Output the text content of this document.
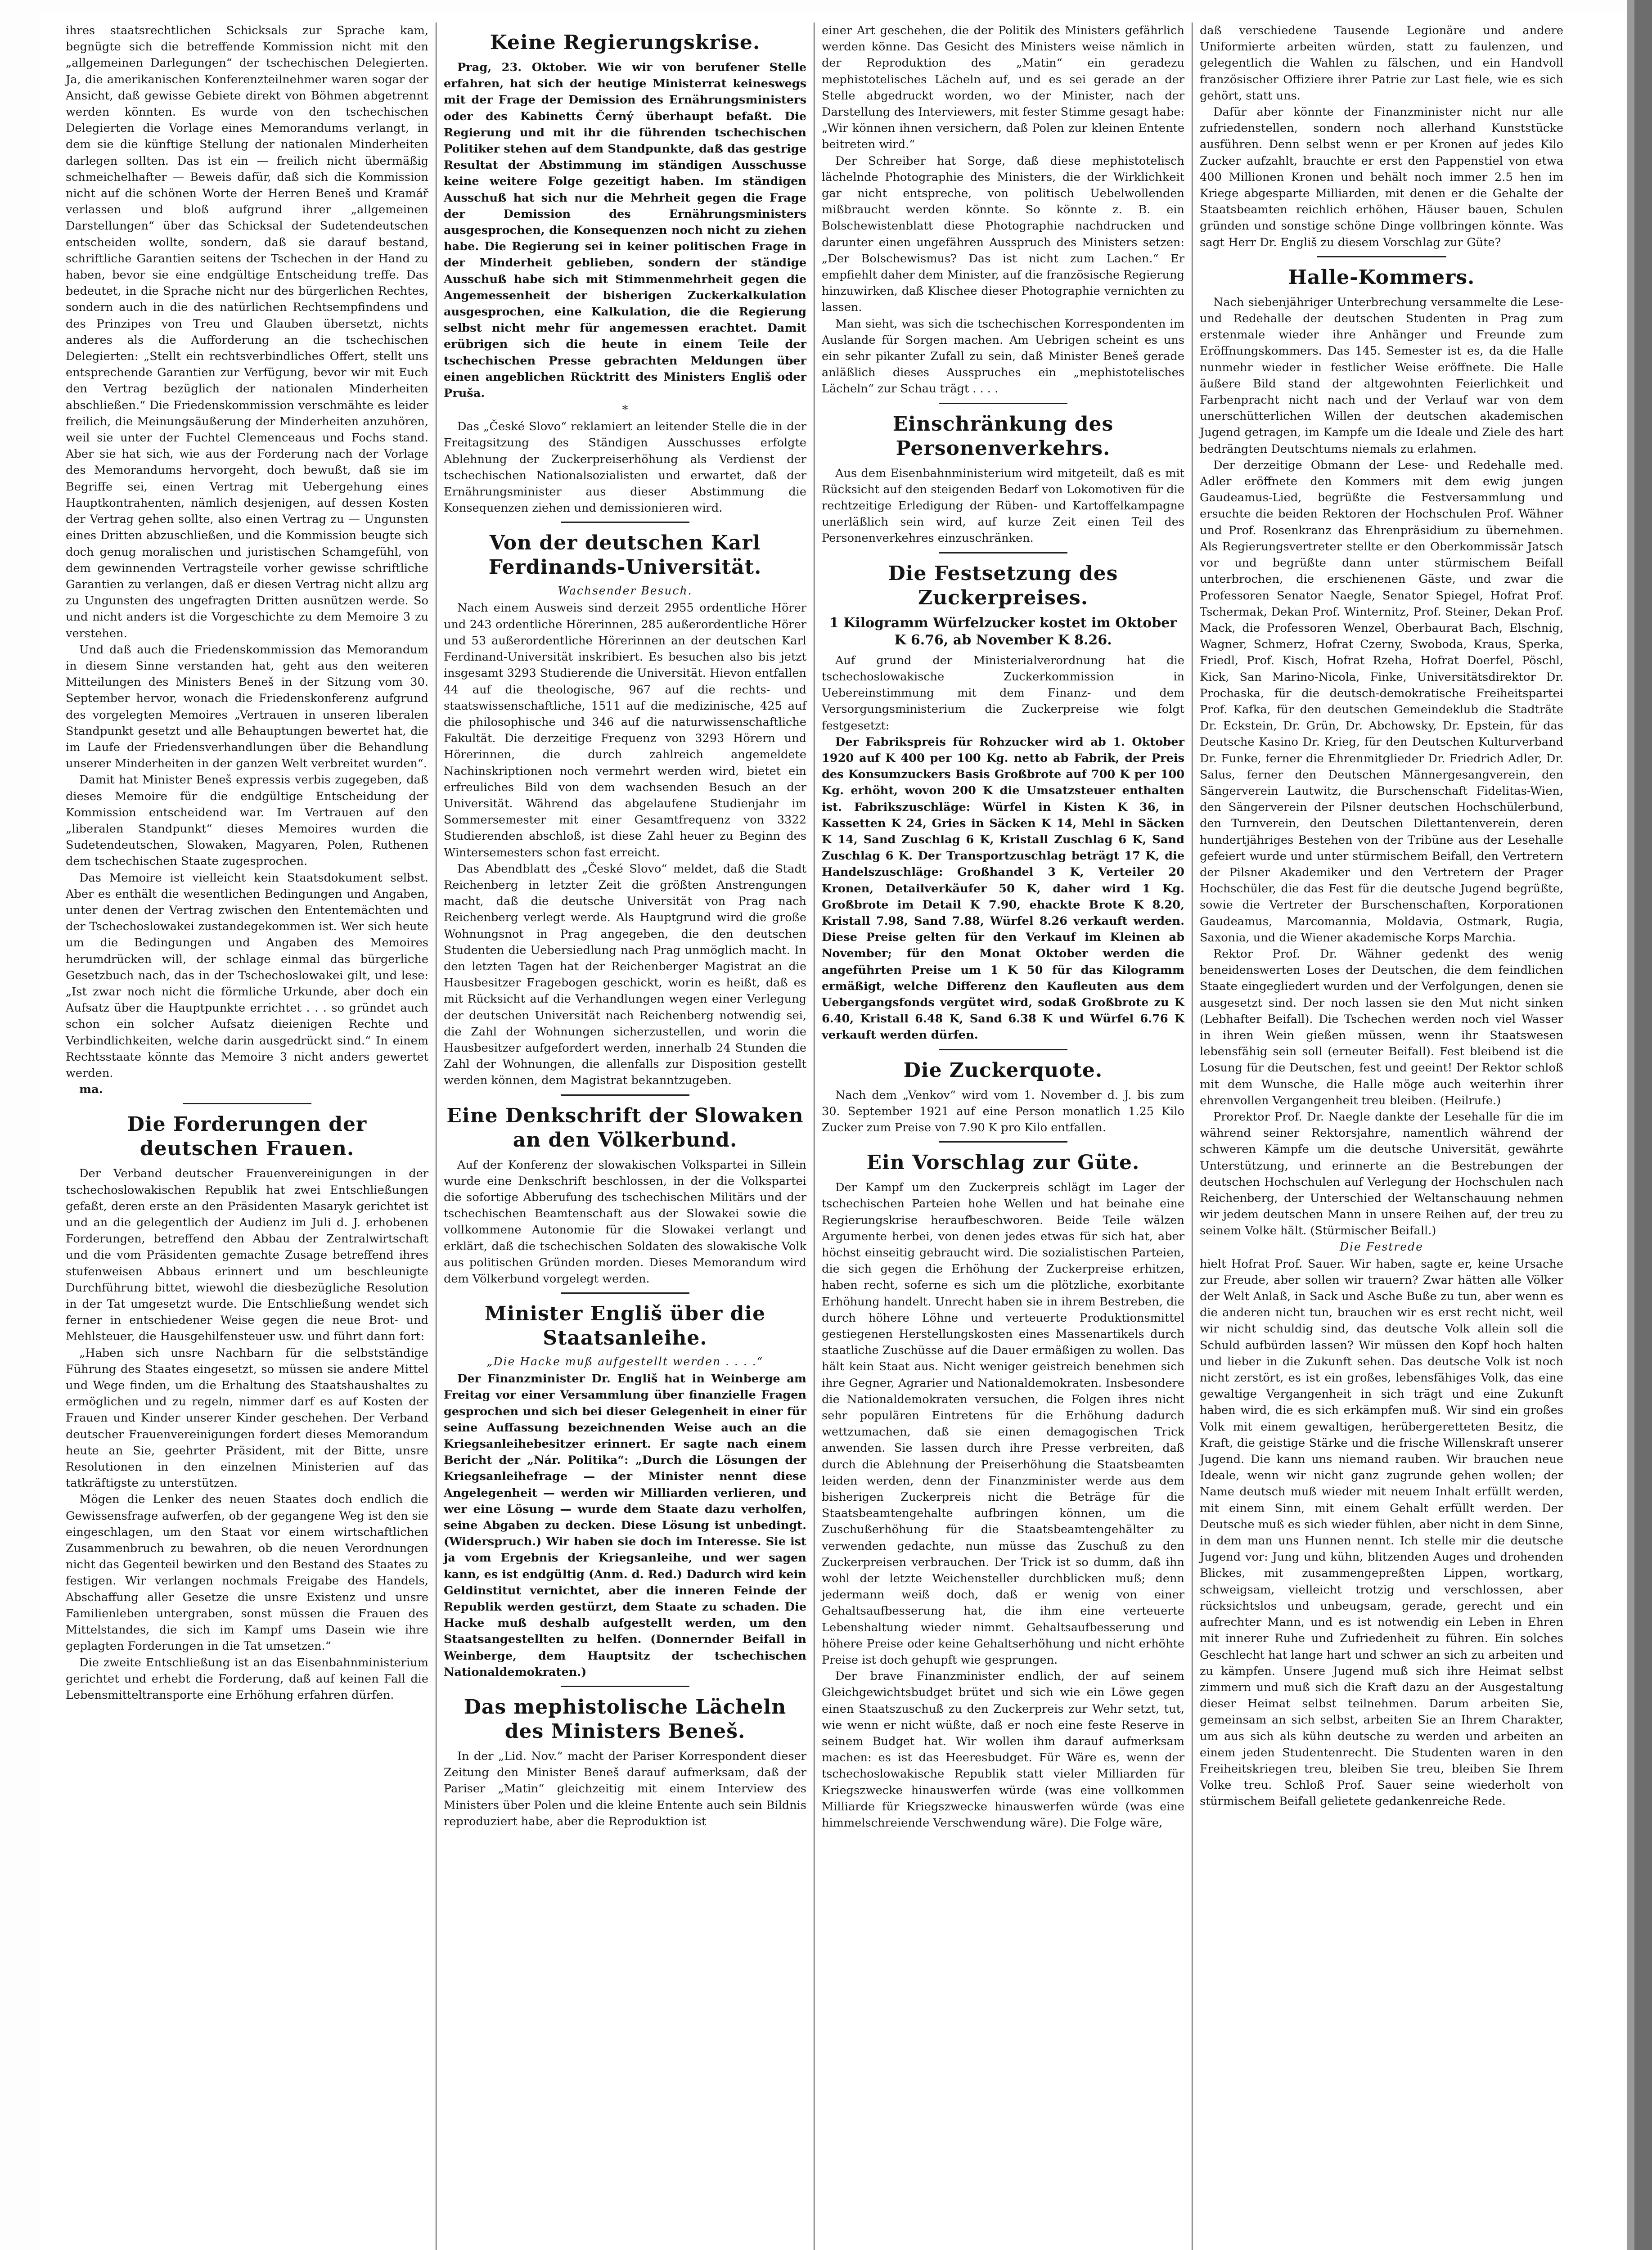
ihres staatsrechtlichen Schicksals zur Sprache kam, begnügte sich die betreffende Kommission nicht mit den „allgemeinen Darlegungen“ der tschechischen Delegierten. Ja, die amerikanischen Konferenzteilnehmer waren sogar der Ansicht, daß gewisse Gebiete direkt von Böhmen abgetrennt werden könnten. Es wurde von den tschechischen Delegierten die Vorlage eines Memorandums verlangt, in dem sie die künftige Stellung der nationalen Minderheiten darlegen sollten. Das ist ein — freilich nicht übermäßig schmeichelhafter — Beweis dafür, daß sich die Kommission nicht auf die schönen Worte der Herren Beneš und Kramář verlassen und bloß aufgrund ihrer „allgemeinen Darstellungen“ über das Schicksal der Sudetendeutschen entscheiden wollte, sondern, daß sie darauf bestand, schriftliche Garantien seitens der Tschechen in der Hand zu haben, bevor sie eine endgültige Entscheidung treffe. Das bedeutet, in die Sprache nicht nur des bürgerlichen Rechtes, sondern auch in die des natürlichen Rechtsempfindens und des Prinzipes von Treu und Glauben übersetzt, nichts anderes als die Aufforderung an die tschechischen Delegierten: „Stellt ein rechtsverbindliches Offert, stellt uns entsprechende Garantien zur Verfügung, bevor wir mit Euch den Vertrag bezüglich der nationalen Minderheiten abschließen.“ Die Friedenskommission verschmähte es leider freilich, die Meinungsäußerung der Minderheiten anzuhören, weil sie unter der Fuchtel Clemenceaus und Fochs stand. Aber sie hat sich, wie aus der Forderung nach der Vorlage des Memorandums hervorgeht, doch bewußt, daß sie im Begriffe sei, einen Vertrag mit Uebergehung eines Hauptkontrahenten, nämlich desjenigen, auf dessen Kosten der Vertrag gehen sollte, also einen Vertrag zu — Ungunsten eines Dritten abzuschließen, und die Kommission beugte sich doch genug moralischen und juristischen Schamgefühl, von dem gewinnenden Vertragsteile vorher gewisse schriftliche Garantien zu verlangen, daß er diesen Vertrag nicht allzu arg zu Ungunsten des ungefragten Dritten ausnützen werde. So und nicht anders ist die Vorgeschichte zu dem Memoire 3 zu verstehen.

Und daß auch die Friedenskommission das Memorandum in diesem Sinne verstanden hat, geht aus den weiteren Mitteilungen des Ministers Beneš in der Sitzung vom 30. September hervor, wonach die Friedenskonferenz aufgrund des vorgelegten Memoires „Vertrauen in unseren liberalen Standpunkt gesetzt und alle Behauptungen bewertet hat, die im Laufe der Friedensverhandlungen über die Behandlung unserer Minderheiten in der ganzen Welt verbreitet wurden“.

Damit hat Minister Beneš expressis verbis zugegeben, daß dieses Memoire für die endgültige Entscheidung der Kommission entscheidend war. Im Vertrauen auf den „liberalen Standpunkt“ dieses Memoires wurden die Sudetendeutschen, Slowaken, Magyaren, Polen, Ruthenen dem tschechischen Staate zugesprochen.

Das Memoire ist vielleicht kein Staatsdokument selbst. Aber es enthält die wesentlichen Bedingungen und Angaben, unter denen der Vertrag zwischen den Ententemächten und der Tschechoslowakei zustandegekommen ist. Wer sich heute um die Bedingungen und Angaben des Memoires herumdrücken will, der schlage einmal das bürgerliche Gesetzbuch nach, das in der Tschechoslowakei gilt, und lese: „Ist zwar noch nicht die förmliche Urkunde, aber doch ein Aufsatz über die Hauptpunkte errichtet . . . so gründet auch schon ein solcher Aufsatz dieienigen Rechte und Verbindlichkeiten, welche darin ausgedrückt sind.“ In einem Rechtsstaate könnte das Memoire 3 nicht anders gewertet werden.

ma.

Die Forderungen der deutschen Frauen.

Der Verband deutscher Frauenvereinigungen in der tschechoslowakischen Republik hat zwei Entschließungen gefaßt, deren erste an den Präsidenten Masaryk gerichtet ist und an die gelegentlich der Audienz im Juli d. J. erhobenen Forderungen, betreffend den Abbau der Zentralwirtschaft und die vom Präsidenten gemachte Zusage betreffend ihres stufenweisen Abbaus erinnert und um beschleunigte Durchführung bittet, wiewohl die diesbezügliche Resolution in der Tat umgesetzt wurde. Die Entschließung wendet sich ferner in entschiedener Weise gegen die neue Brot- und Mehlsteuer, die Hausgehilfensteuer usw. und führt dann fort:

„Haben sich unsre Nachbarn für die selbstständige Führung des Staates eingesetzt, so müssen sie andere Mittel und Wege finden, um die Erhaltung des Staatshaushaltes zu ermöglichen und zu regeln, nimmer darf es auf Kosten der Frauen und Kinder unserer Kinder geschehen. Der Verband deutscher Frauenvereinigungen fordert dieses Memorandum heute an Sie, geehrter Präsident, mit der Bitte, unsre Resolutionen in den einzelnen Ministerien auf das tatkräftigste zu unterstützen.

Mögen die Lenker des neuen Staates doch endlich die Gewissensfrage aufwerfen, ob der gegangene Weg ist den sie eingeschlagen, um den Staat vor einem wirtschaftlichen Zusammenbruch zu bewahren, ob die neuen Verordnungen nicht das Gegenteil bewirken und den Bestand des Staates zu festigen. Wir verlangen nochmals Freigabe des Handels, Abschaffung aller Gesetze die unsre Existenz und unsre Familienleben untergraben, sonst müssen die Frauen des Mittelstandes, die sich im Kampf ums Dasein wie ihre geplagten Forderungen in die Tat umsetzen.“

Die zweite Entschließung ist an das Eisenbahnministerium gerichtet und erhebt die Forderung, daß auf keinen Fall die Lebensmitteltransporte eine Erhöhung erfahren dürfen.

Keine Regierungskrise.

Prag, 23. Oktober. Wie wir von berufener Stelle erfahren, hat sich der heutige Ministerrat keineswegs mit der Frage der Demission des Ernährungsministers oder des Kabinetts Černý überhaupt befaßt. Die Regierung und mit ihr die führenden tschechischen Politiker stehen auf dem Standpunkte, daß das gestrige Resultat der Abstimmung im ständigen Ausschusse keine weitere Folge gezeitigt haben. Im ständigen Ausschuß hat sich nur die Mehrheit gegen die Frage der Demission des Ernährungsministers ausgesprochen, die Konsequenzen noch nicht zu ziehen habe. Die Regierung sei in keiner politischen Frage in der Minderheit geblieben, sondern der ständige Ausschuß habe sich mit Stimmenmehrheit gegen die Angemessenheit der bisherigen Zuckerkalkulation ausgesprochen, eine Kalkulation, die die Regierung selbst nicht mehr für angemessen erachtet. Damit erübrigen sich die heute in einem Teile der tschechischen Presse gebrachten Meldungen über einen angeblichen Rücktritt des Ministers Engliš oder Pruša.

*

Das „České Slovo“ reklamiert an leitender Stelle die in der Freitagsitzung des Ständigen Ausschusses erfolgte Ablehnung der Zuckerpreiserhöhung als Verdienst der tschechischen Nationalsozialisten und erwartet, daß der Ernährungsminister aus dieser Abstimmung die Konsequenzen ziehen und demissionieren wird.

Von der deutschen Karl Ferdinands-Universität.
Wachsender Besuch.

Nach einem Ausweis sind derzeit 2955 ordentliche Hörer und 243 ordentliche Hörerinnen, 285 außerordentliche Hörer und 53 außerordentliche Hörerinnen an der deutschen Karl Ferdinand-Universität inskribiert. Es besuchen also bis jetzt insgesamt 3293 Studierende die Universität. Hievon entfallen 44 auf die theologische, 967 auf die rechts- und staatswissenschaftliche, 1511 auf die medizinische, 425 auf die philosophische und 346 auf die naturwissenschaftliche Fakultät. Die derzeitige Frequenz von 3293 Hörern und Hörerinnen, die durch zahlreich angemeldete Nachinskriptionen noch vermehrt werden wird, bietet ein erfreuliches Bild von dem wachsenden Besuch an der Universität. Während das abgelaufene Studienjahr im Sommersemester mit einer Gesamtfrequenz von 3322 Studierenden abschloß, ist diese Zahl heuer zu Beginn des Wintersemesters schon fast erreicht.

Das Abendblatt des „České Slovo“ meldet, daß die Stadt Reichenberg in letzter Zeit die größten Anstrengungen macht, daß die deutsche Universität von Prag nach Reichenberg verlegt werde. Als Hauptgrund wird die große Wohnungsnot in Prag angegeben, die den deutschen Studenten die Uebersiedlung nach Prag unmöglich macht. In den letzten Tagen hat der Reichenberger Magistrat an die Hausbesitzer Fragebogen geschickt, worin es heißt, daß es mit Rücksicht auf die Verhandlungen wegen einer Verlegung der deutschen Universität nach Reichenberg notwendig sei, die Zahl der Wohnungen sicherzustellen, und worin die Hausbesitzer aufgefordert werden, innerhalb 24 Stunden die Zahl der Wohnungen, die allenfalls zur Disposition gestellt werden können, dem Magistrat bekanntzugeben.

Eine Denkschrift der Slowaken an den Völkerbund.

Auf der Konferenz der slowakischen Volkspartei in Sillein wurde eine Denkschrift beschlossen, in der die Volkspartei die sofortige Abberufung des tschechischen Militärs und der tschechischen Beamtenschaft aus der Slowakei sowie die vollkommene Autonomie für die Slowakei verlangt und erklärt, daß die tschechischen Soldaten des slowakische Volk aus politischen Gründen morden. Dieses Memorandum wird dem Völkerbund vorgelegt werden.

Minister Engliš über die Staatsanleihe.
„Die Hacke muß aufgestellt werden . . . .“

Der Finanzminister Dr. Engliš hat in Weinberge am Freitag vor einer Versammlung über finanzielle Fragen gesprochen und sich bei dieser Gelegenheit in einer für seine Auffassung bezeichnenden Weise auch an die Kriegsanleihebesitzer erinnert. Er sagte nach einem Bericht der „Nár. Politika“: „Durch die Lösungen der Kriegsanleihefrage — der Minister nennt diese Angelegenheit — werden wir Milliarden verlieren, und wer eine Lösung — wurde dem Staate dazu verholfen, seine Abgaben zu decken. Diese Lösung ist unbedingt. (Widerspruch.) Wir haben sie doch im Interesse. Sie ist ja vom Ergebnis der Kriegsanleihe, und wer sagen kann, es ist endgültig (Anm. d. Red.) Dadurch wird kein Geldinstitut vernichtet, aber die inneren Feinde der Republik werden gestürzt, dem Staate zu schaden. Die Hacke muß deshalb aufgestellt werden, um den Staatsangestellten zu helfen. (Donnernder Beifall in Weinberge, dem Hauptsitz der tschechischen Nationaldemokraten.)

Das mephistolische Lächeln des Ministers Beneš.

In der „Lid. Nov.“ macht der Pariser Korrespondent dieser Zeitung den Minister Beneš darauf aufmerksam, daß der Pariser „Matin“ gleichzeitig mit einem Interview des Ministers über Polen und die kleine Entente auch sein Bildnis reproduziert habe, aber die Reproduktion ist

einer Art geschehen, die der Politik des Ministers gefährlich werden könne. Das Gesicht des Ministers weise nämlich in der Reproduktion des „Matin“ ein geradezu mephistotelisches Lächeln auf, und es sei gerade an der Stelle abgedruckt worden, wo der Minister, nach der Darstellung des Interviewers, mit fester Stimme gesagt habe: „Wir können ihnen versichern, daß Polen zur kleinen Entente beitreten wird.“

Der Schreiber hat Sorge, daß diese mephistotelisch lächelnde Photographie des Ministers, die der Wirklichkeit gar nicht entspreche, von politisch Uebelwollenden mißbraucht werden könnte. So könnte z. B. ein Bolschewistenblatt diese Photographie nachdrucken und darunter einen ungefähren Ausspruch des Ministers setzen: „Der Bolschewismus? Das ist nicht zum Lachen.“ Er empfiehlt daher dem Minister, auf die französische Regierung hinzuwirken, daß Klischee dieser Photographie vernichten zu lassen.

Man sieht, was sich die tschechischen Korrespondenten im Auslande für Sorgen machen. Am Uebrigen scheint es uns ein sehr pikanter Zufall zu sein, daß Minister Beneš gerade anläßlich dieses Ausspruches ein „mephistotelisches Lächeln“ zur Schau trägt . . . .

Einschränkung des Personenverkehrs.

Aus dem Eisenbahnministerium wird mitgeteilt, daß es mit Rücksicht auf den steigenden Bedarf von Lokomotiven für die rechtzeitige Erledigung der Rüben- und Kartoffelkampagne unerläßlich sein wird, auf kurze Zeit einen Teil des Personenverkehres einzuschränken.

Die Festsetzung des Zuckerpreises.
1 Kilogramm Würfelzucker kostet im Oktober K 6.76, ab November K 8.26.

Auf grund der Ministerialverordnung hat die tschechoslowakische Zuckerkommission in Uebereinstimmung mit dem Finanz- und dem Versorgungsministerium die Zuckerpreise wie folgt festgesetzt:

Der Fabrikspreis für Rohzucker wird ab 1. Oktober 1920 auf K 400 per 100 Kg. netto ab Fabrik, der Preis des Konsumzuckers Basis Großbrote auf 700 K per 100 Kg. erhöht, wovon 200 K die Umsatzsteuer enthalten ist. Fabrikszuschläge: Würfel in Kisten K 36, in Kassetten K 24, Gries in Säcken K 14, Mehl in Säcken K 14, Sand Zuschlag 6 K, Kristall Zuschlag 6 K, Sand Zuschlag 6 K. Der Transportzuschlag beträgt 17 K, die Handelszuschläge: Großhandel 3 K, Verteiler 20 Kronen, Detailverkäufer 50 K, daher wird 1 Kg. Großbrote im Detail K 7.90, ehackte Brote K 8.20, Kristall 7.98, Sand 7.88, Würfel 8.26 verkauft werden. Diese Preise gelten für den Verkauf im Kleinen ab November; für den Monat Oktober werden die angeführten Preise um 1 K 50 für das Kilogramm ermäßigt, welche Differenz den Kaufleuten aus dem Uebergangsfonds vergütet wird, sodaß Großbrote zu K 6.40, Kristall 6.48 K, Sand 6.38 K und Würfel 6.76 K verkauft werden dürfen.

Die Zuckerquote.

Nach dem „Venkov“ wird vom 1. November d. J. bis zum 30. September 1921 auf eine Person monatlich 1.25 Kilo Zucker zum Preise von 7.90 K pro Kilo entfallen.

Ein Vorschlag zur Güte.

Der Kampf um den Zuckerpreis schlägt im Lager der tschechischen Parteien hohe Wellen und hat beinahe eine Regierungskrise heraufbeschworen. Beide Teile wälzen Argumente herbei, von denen jedes etwas für sich hat, aber höchst einseitig gebraucht wird. Die sozialistischen Parteien, die sich gegen die Erhöhung der Zuckerpreise erhitzen, haben recht, soferne es sich um die plötzliche, exorbitante Erhöhung handelt. Unrecht haben sie in ihrem Bestreben, die durch höhere Löhne und verteuerte Produktionsmittel gestiegenen Herstellungskosten eines Massenartikels durch staatliche Zuschüsse auf die Dauer ermäßigen zu wollen. Das hält kein Staat aus. Nicht weniger geistreich benehmen sich ihre Gegner, Agrarier und Nationaldemokraten. Insbesondere die Nationaldemokraten versuchen, die Folgen ihres nicht sehr populären Eintretens für die Erhöhung dadurch wettzumachen, daß sie einen demagogischen Trick anwenden. Sie lassen durch ihre Presse verbreiten, daß durch die Ablehnung der Preiserhöhung die Staatsbeamten leiden werden, denn der Finanzminister werde aus dem bisherigen Zuckerpreis nicht die Beträge für die Staatsbeamtengehalte aufbringen können, um die Zuschußerhöhung für die Staatsbeamtengehälter zu verwenden gedachte, nun müsse das Zuschuß zu den Zuckerpreisen verbrauchen. Der Trick ist so dumm, daß ihn wohl der letzte Weichensteller durchblicken muß; denn jedermann weiß doch, daß er wenig von einer Gehaltsaufbesserung hat, die ihm eine verteuerte Lebenshaltung wieder nimmt. Gehaltsaufbesserung und höhere Preise oder keine Gehaltserhöhung und nicht erhöhte Preise ist doch gehupft wie gesprungen.

Der brave Finanzminister endlich, der auf seinem Gleichgewichtsbudget brütet und sich wie ein Löwe gegen einen Staatszuschuß zu den Zuckerpreis zur Wehr setzt, tut, wie wenn er nicht wüßte, daß er noch eine feste Reserve in seinem Budget hat. Wir wollen ihm darauf aufmerksam machen: es ist das Heeresbudget. Für Wäre es, wenn der tschechoslowakische Republik statt vieler Milliarden für Kriegszwecke hinauswerfen würde (was eine vollkommen Milliarde für Kriegszwecke hinauswerfen würde (was eine himmelschreiende Verschwendung wäre). Die Folge wäre,

daß verschiedene Tausende Legionäre und andere Uniformierte arbeiten würden, statt zu faulenzen, und gelegentlich die Wahlen zu fälschen, und ein Handvoll französischer Offiziere ihrer Patrie zur Last fiele, wie es sich gehört, statt uns.

Dafür aber könnte der Finanzminister nicht nur alle zufriedenstellen, sondern noch allerhand Kunststücke ausführen. Denn selbst wenn er per Kronen auf jedes Kilo Zucker aufzahlt, brauchte er erst den Pappenstiel von etwa 400 Millionen Kronen und behält noch immer 2.5 hen im Kriege abgesparte Milliarden, mit denen er die Gehalte der Staatsbeamten reichlich erhöhen, Häuser bauen, Schulen gründen und sonstige schöne Dinge vollbringen könnte. Was sagt Herr Dr. Engliš zu diesem Vorschlag zur Güte?

Halle-Kommers.

Nach siebenjähriger Unterbrechung versammelte die Lese- und Redehalle der deutschen Studenten in Prag zum erstenmale wieder ihre Anhänger und Freunde zum Eröffnungskommers. Das 145. Semester ist es, da die Halle nunmehr wieder in festlicher Weise eröffnete. Die Halle äußere Bild stand der altgewohnten Feierlichkeit und Farbenpracht nicht nach und der Verlauf war von dem unerschütterlichen Willen der deutschen akademischen Jugend getragen, im Kampfe um die Ideale und Ziele des hart bedrängten Deutschtums niemals zu erlahmen.

Der derzeitige Obmann der Lese- und Redehalle med. Adler eröffnete den Kommers mit dem ewig jungen Gaudeamus-Lied, begrüßte die Festversammlung und ersuchte die beiden Rektoren der Hochschulen Prof. Wähner und Prof. Rosenkranz das Ehrenpräsidium zu übernehmen. Als Regierungsvertreter stellte er den Oberkommissär Jatsch vor und begrüßte dann unter stürmischem Beifall unterbrochen, die erschienenen Gäste, und zwar die Professoren Senator Naegle, Senator Spiegel, Hofrat Prof. Tschermak, Dekan Prof. Winternitz, Prof. Steiner, Dekan Prof. Mack, die Professoren Wenzel, Oberbaurat Bach, Elschnig, Wagner, Schmerz, Hofrat Czerny, Swoboda, Kraus, Sperka, Friedl, Prof. Kisch, Hofrat Rzeha, Hofrat Doerfel, Pöschl, Kick, San Marino-Nicola, Finke, Universitätsdirektor Dr. Prochaska, für die deutsch-demokratische Freiheitspartei Prof. Kafka, für den deutschen Gemeindeklub die Stadträte Dr. Eckstein, Dr. Grün, Dr. Abchowsky, Dr. Epstein, für das Deutsche Kasino Dr. Krieg, für den Deutschen Kulturverband Dr. Funke, ferner die Ehrenmitglieder Dr. Friedrich Adler, Dr. Salus, ferner den Deutschen Männergesangverein, den Sängerverein Lautwitz, die Burschenschaft Fidelitas-Wien, den Sängerverein der Pilsner deutschen Hochschülerbund, den Turnverein, den Deutschen Dilettantenverein, deren hundertjähriges Bestehen von der Tribüne aus der Lesehalle gefeiert wurde und unter stürmischem Beifall, den Vertretern der Pilsner Akademiker und den Vertretern der Prager Hochschüler, die das Fest für die deutsche Jugend begrüßte, sowie die Vertreter der Burschenschaften, Korporationen Gaudeamus, Marcomannia, Moldavia, Ostmark, Rugia, Saxonia, und die Wiener akademische Korps Marchia.

Rektor Prof. Dr. Wähner gedenkt des wenig beneidenswerten Loses der Deutschen, die dem feindlichen Staate eingegliedert wurden und der Verfolgungen, denen sie ausgesetzt sind. Der noch lassen sie den Mut nicht sinken (Lebhafter Beifall). Die Tschechen werden noch viel Wasser in ihren Wein gießen müssen, wenn ihr Staatswesen lebensfähig sein soll (erneuter Beifall). Fest bleibend ist die Losung für die Deutschen, fest und geeint! Der Rektor schloß mit dem Wunsche, die Halle möge auch weiterhin ihrer ehrenvollen Vergangenheit treu bleiben. (Heilrufe.)

Prorektor Prof. Dr. Naegle dankte der Lesehalle für die im während seiner Rektorsjahre, namentlich während der schweren Kämpfe um die deutsche Universität, gewährte Unterstützung, und erinnerte an die Bestrebungen der deutschen Hochschulen auf Verlegung der Hochschulen nach Reichenberg, der Unterschied der Weltanschauung nehmen wir jedem deutschen Mann in unsere Reihen auf, der treu zu seinem Volke hält. (Stürmischer Beifall.)

Die Festrede

hielt Hofrat Prof. Sauer. Wir haben, sagte er, keine Ursache zur Freude, aber sollen wir trauern? Zwar hätten alle Völker der Welt Anlaß, in Sack und Asche Buße zu tun, aber wenn es die anderen nicht tun, brauchen wir es erst recht nicht, weil wir nicht schuldig sind, das deutsche Volk allein soll die Schuld aufbürden lassen? Wir müssen den Kopf hoch halten und lieber in die Zukunft sehen. Das deutsche Volk ist noch nicht zerstört, es ist ein großes, lebensfähiges Volk, das eine gewaltige Vergangenheit in sich trägt und eine Zukunft haben wird, die es sich erkämpfen muß. Wir sind ein großes Volk mit einem gewaltigen, herübergeretteten Besitz, die Kraft, die geistige Stärke und die frische Willenskraft unserer Jugend. Die kann uns niemand rauben. Wir brauchen neue Ideale, wenn wir nicht ganz zugrunde gehen wollen; der Name deutsch muß wieder mit neuem Inhalt erfüllt werden, mit einem Sinn, mit einem Gehalt erfüllt werden. Der Deutsche muß es sich wieder fühlen, aber nicht in dem Sinne, in dem man uns Hunnen nennt. Ich stelle mir die deutsche Jugend vor: Jung und kühn, blitzenden Auges und drohenden Blickes, mit zusammengepreßten Lippen, wortkarg, schweigsam, vielleicht trotzig und verschlossen, aber rücksichtslos und unbeugsam, gerade, gerecht und ein aufrechter Mann, und es ist notwendig ein Leben in Ehren mit innerer Ruhe und Zufriedenheit zu führen. Ein solches Geschlecht hat lange hart und schwer an sich zu arbeiten und zu kämpfen. Unsere Jugend muß sich ihre Heimat selbst zimmern und muß sich die Kraft dazu an der Ausgestaltung dieser Heimat selbst teilnehmen. Darum arbeiten Sie, gemeinsam an sich selbst, arbeiten Sie an Ihrem Charakter, um aus sich als kühn deutsche zu werden und arbeiten an einem jeden Studentenrecht. Die Studenten waren in den Freiheitskriegen treu, bleiben Sie treu, bleiben Sie Ihrem Volke treu. Schloß Prof. Sauer seine wiederholt von stürmischem Beifall gelietete gedankenreiche Rede.
